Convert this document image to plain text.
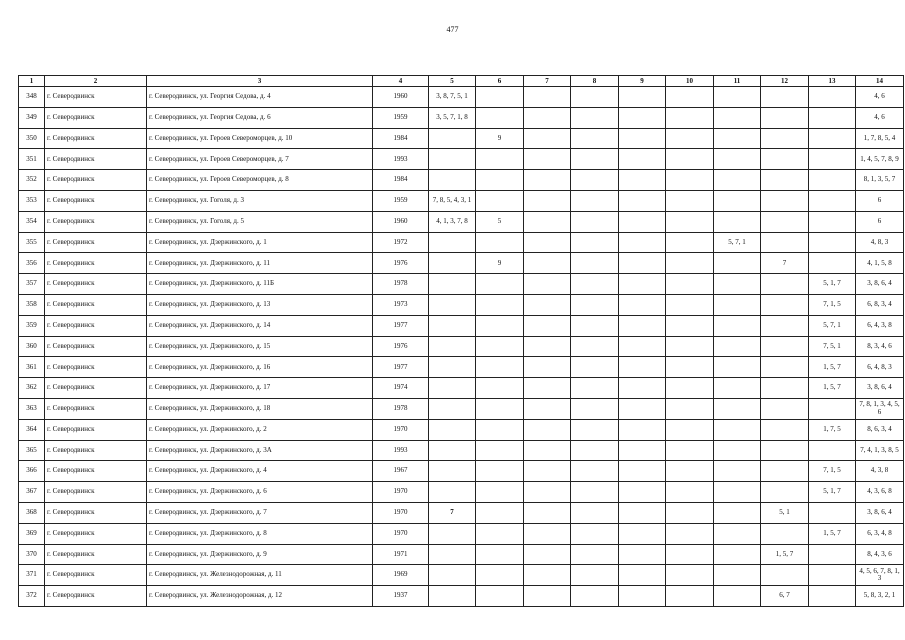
477
1	2	3	4	5	6	7	8	9	10	11	12	13	14
348	г. Северодвинск	г. Северодвинск, ул. Георгия Седова, д. 4	1960	3, 8, 7, 5, 1									4, 6
349	г. Северодвинск	г. Северодвинск, ул. Георгия Седова, д. 6	1959	3, 5, 7, 1, 8									4, 6
350	г. Северодвинск	г. Северодвинск, ул. Героев Североморцев, д. 10	1984		9								1, 7, 8, 5, 4
351	г. Северодвинск	г. Северодвинск, ул. Героев Североморцев, д. 7	1993										1, 4, 5, 7, 8, 9
352	г. Северодвинск	г. Северодвинск, ул. Героев Североморцев, д. 8	1984										8, 1, 3, 5, 7
353	г. Северодвинск	г. Северодвинск, ул. Гоголя, д. 3	1959	7, 8, 5, 4, 3, 1									6
354	г. Северодвинск	г. Северодвинск, ул. Гоголя, д. 5	1960	4, 1, 3, 7, 8	5								6
355	г. Северодвинск	г. Северодвинск, ул. Дзержинского, д. 1	1972							5, 7, 1			4, 8, 3
356	г. Северодвинск	г. Северодвинск, ул. Дзержинского, д. 11	1976		9						7		4, 1, 5, 8
357	г. Северодвинск	г. Северодвинск, ул. Дзержинского, д. 11Б	1978									5, 1, 7	3, 8, 6, 4
358	г. Северодвинск	г. Северодвинск, ул. Дзержинского, д. 13	1973									7, 1, 5	6, 8, 3, 4
359	г. Северодвинск	г. Северодвинск, ул. Дзержинского, д. 14	1977									5, 7, 1	6, 4, 3, 8
360	г. Северодвинск	г. Северодвинск, ул. Дзержинского, д. 15	1976									7, 5, 1	8, 3, 4, 6
361	г. Северодвинск	г. Северодвинск, ул. Дзержинского, д. 16	1977									1, 5, 7	6, 4, 8, 3
362	г. Северодвинск	г. Северодвинск, ул. Дзержинского, д. 17	1974									1, 5, 7	3, 8, 6, 4
363	г. Северодвинск	г. Северодвинск, ул. Дзержинского, д. 18	1978										7, 8, 1, 3, 4, 5, 6
364	г. Северодвинск	г. Северодвинск, ул. Дзержинского, д. 2	1970									1, 7, 5	8, 6, 3, 4
365	г. Северодвинск	г. Северодвинск, ул. Дзержинского, д. 3А	1993										7, 4, 1, 3, 8, 5
366	г. Северодвинск	г. Северодвинск, ул. Дзержинского, д. 4	1967									7, 1, 5	4, 3, 8
367	г. Северодвинск	г. Северодвинск, ул. Дзержинского, д. 6	1970									5, 1, 7	4, 3, 6, 8
368	г. Северодвинск	г. Северодвинск, ул. Дзержинского, д. 7	1970	7							5, 1		3, 8, 6, 4
369	г. Северодвинск	г. Северодвинск, ул. Дзержинского, д. 8	1970									1, 5, 7	6, 3, 4, 8
370	г. Северодвинск	г. Северодвинск, ул. Дзержинского, д. 9	1971								1, 5, 7		8, 4, 3, 6
371	г. Северодвинск	г. Северодвинск, ул. Железнодорожная, д. 11	1969										4, 5, 6, 7, 8, 1, 3
372	г. Северодвинск	г. Северодвинск, ул. Железнодорожная, д. 12	1937								6, 7		5, 8, 3, 2, 1
